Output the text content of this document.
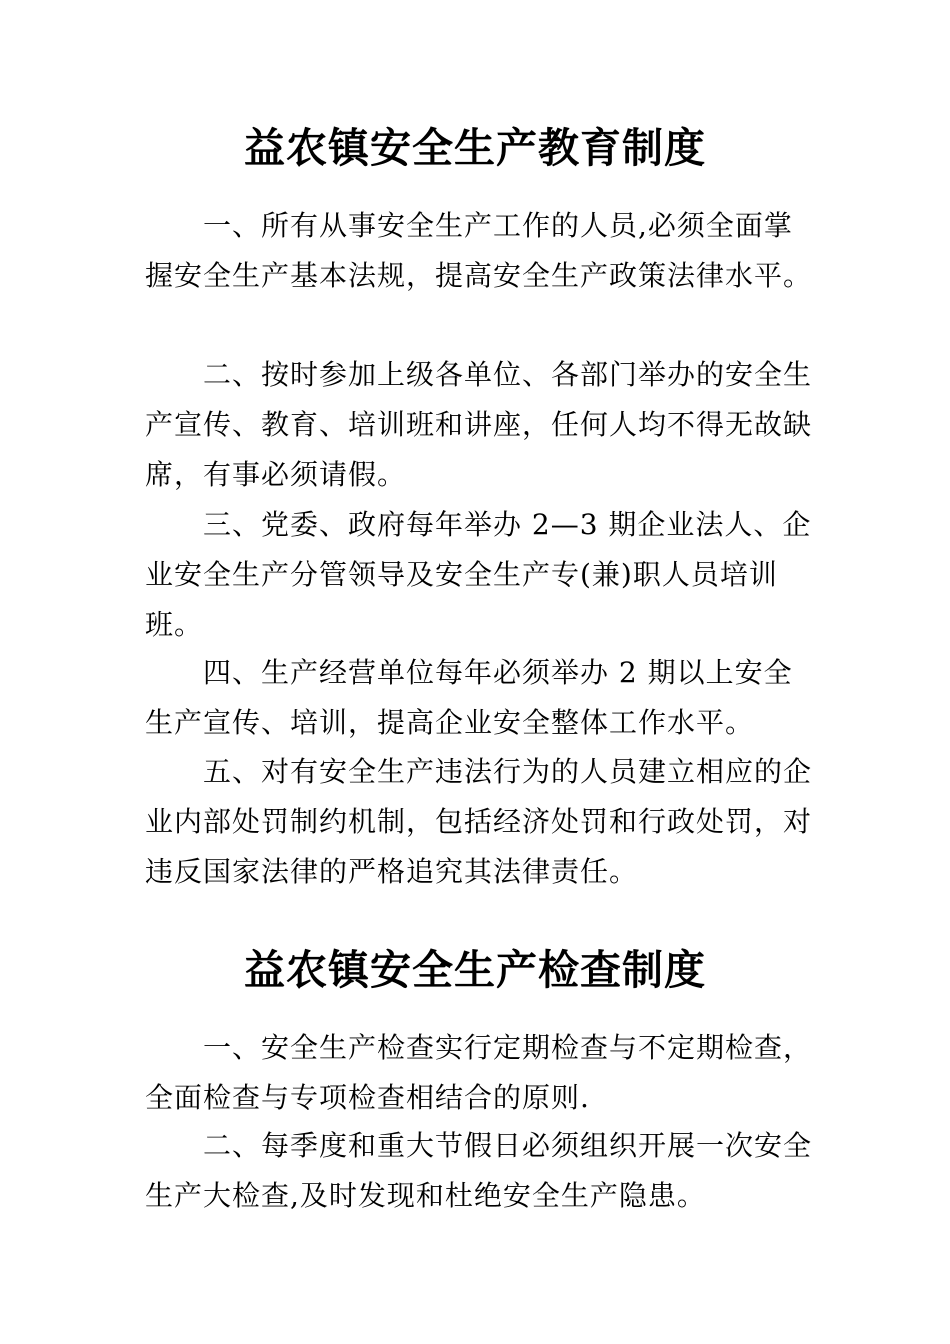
益农镇安全生产教育制度

一、所有从事安全生产工作的人员,必须全面掌握安全生产基本法规，提高安全生产政策法律水平。

二、按时参加上级各单位、各部门举办的安全生产宣传、教育、培训班和讲座，任何人均不得无故缺席，有事必须请假。

三、党委、政府每年举办 2—3 期企业法人、企业安全生产分管领导及安全生产专(兼)职人员培训班。

四、生产经营单位每年必须举办 2 期以上安全生产宣传、培训，提高企业安全整体工作水平。

五、对有安全生产违法行为的人员建立相应的企业内部处罚制约机制，包括经济处罚和行政处罚，对违反国家法律的严格追究其法律责任。

益农镇安全生产检查制度

一、安全生产检查实行定期检查与不定期检查，全面检查与专项检查相结合的原则.

二、每季度和重大节假日必须组织开展一次安全生产大检查,及时发现和杜绝安全生产隐患。
